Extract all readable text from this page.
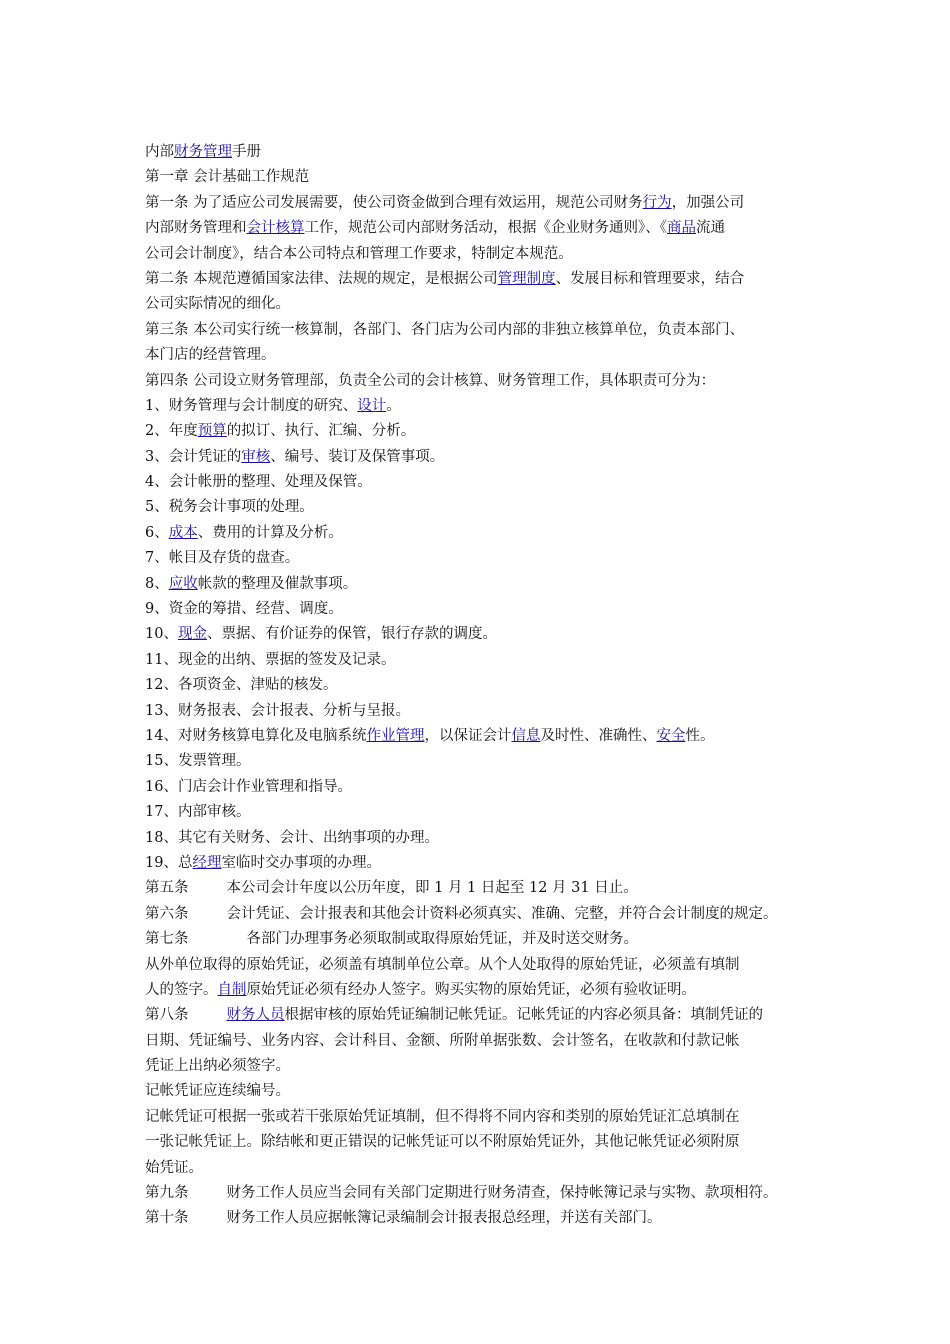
内部财务管理手册
第一章 会计基础工作规范
第一条 为了适应公司发展需要，使公司资金做到合理有效运用，规范公司财务行为，加强公司
内部财务管理和会计核算工作，规范公司内部财务活动，根据《企业财务通则》、《商品流通
公司会计制度》，结合本公司特点和管理工作要求，特制定本规范。
第二条 本规范遵循国家法律、法规的规定，是根据公司管理制度、发展目标和管理要求，结合
公司实际情况的细化。
第三条 本公司实行统一核算制，各部门、各门店为公司内部的非独立核算单位，负责本部门、
本门店的经营管理。
第四条 公司设立财务管理部，负责全公司的会计核算、财务管理工作，具体职责可分为：
1、财务管理与会计制度的研究、设计。
2、年度预算的拟订、执行、汇编、分析。
3、会计凭证的审核、编号、装订及保管事项。
4、会计帐册的整理、处理及保管。
5、税务会计事项的处理。
6、成本、费用的计算及分析。
7、帐目及存货的盘查。
8、应收帐款的整理及催款事项。
9、资金的筹措、经营、调度。
10、现金、票据、有价证券的保管，银行存款的调度。
11、现金的出纳、票据的签发及记录。
12、各项资金、津贴的核发。
13、财务报表、会计报表、分析与呈报。
14、对财务核算电算化及电脑系统作业管理，以保证会计信息及时性、准确性、安全性。
15、发票管理。
16、门店会计作业管理和指导。
17、内部审核。
18、其它有关财务、会计、出纳事项的办理。
19、总经理室临时交办事项的办理。
第五条	本公司会计年度以公历年度，即 1 月 1 日起至 12 月 31 日止。
第六条	会计凭证、会计报表和其他会计资料必须真实、准确、完整，并符合会计制度的规定。
第七条	各部门办理事务必须取制或取得原始凭证，并及时送交财务。
从外单位取得的原始凭证，必须盖有填制单位公章。从个人处取得的原始凭证，必须盖有填制
人的签字。自制原始凭证必须有经办人签字。购买实物的原始凭证，必须有验收证明。
第八条	财务人员根据审核的原始凭证编制记帐凭证。记帐凭证的内容必须具备：填制凭证的
日期、凭证编号、业务内容、会计科目、金额、所附单据张数、会计签名，在收款和付款记帐
凭证上出纳必须签字。
记帐凭证应连续编号。
记帐凭证可根据一张或若干张原始凭证填制，但不得将不同内容和类别的原始凭证汇总填制在
一张记帐凭证上。除结帐和更正错误的记帐凭证可以不附原始凭证外，其他记帐凭证必须附原
始凭证。
第九条	财务工作人员应当会同有关部门定期进行财务清查，保持帐簿记录与实物、款项相符。
第十条	财务工作人员应据帐簿记录编制会计报表报总经理，并送有关部门。
